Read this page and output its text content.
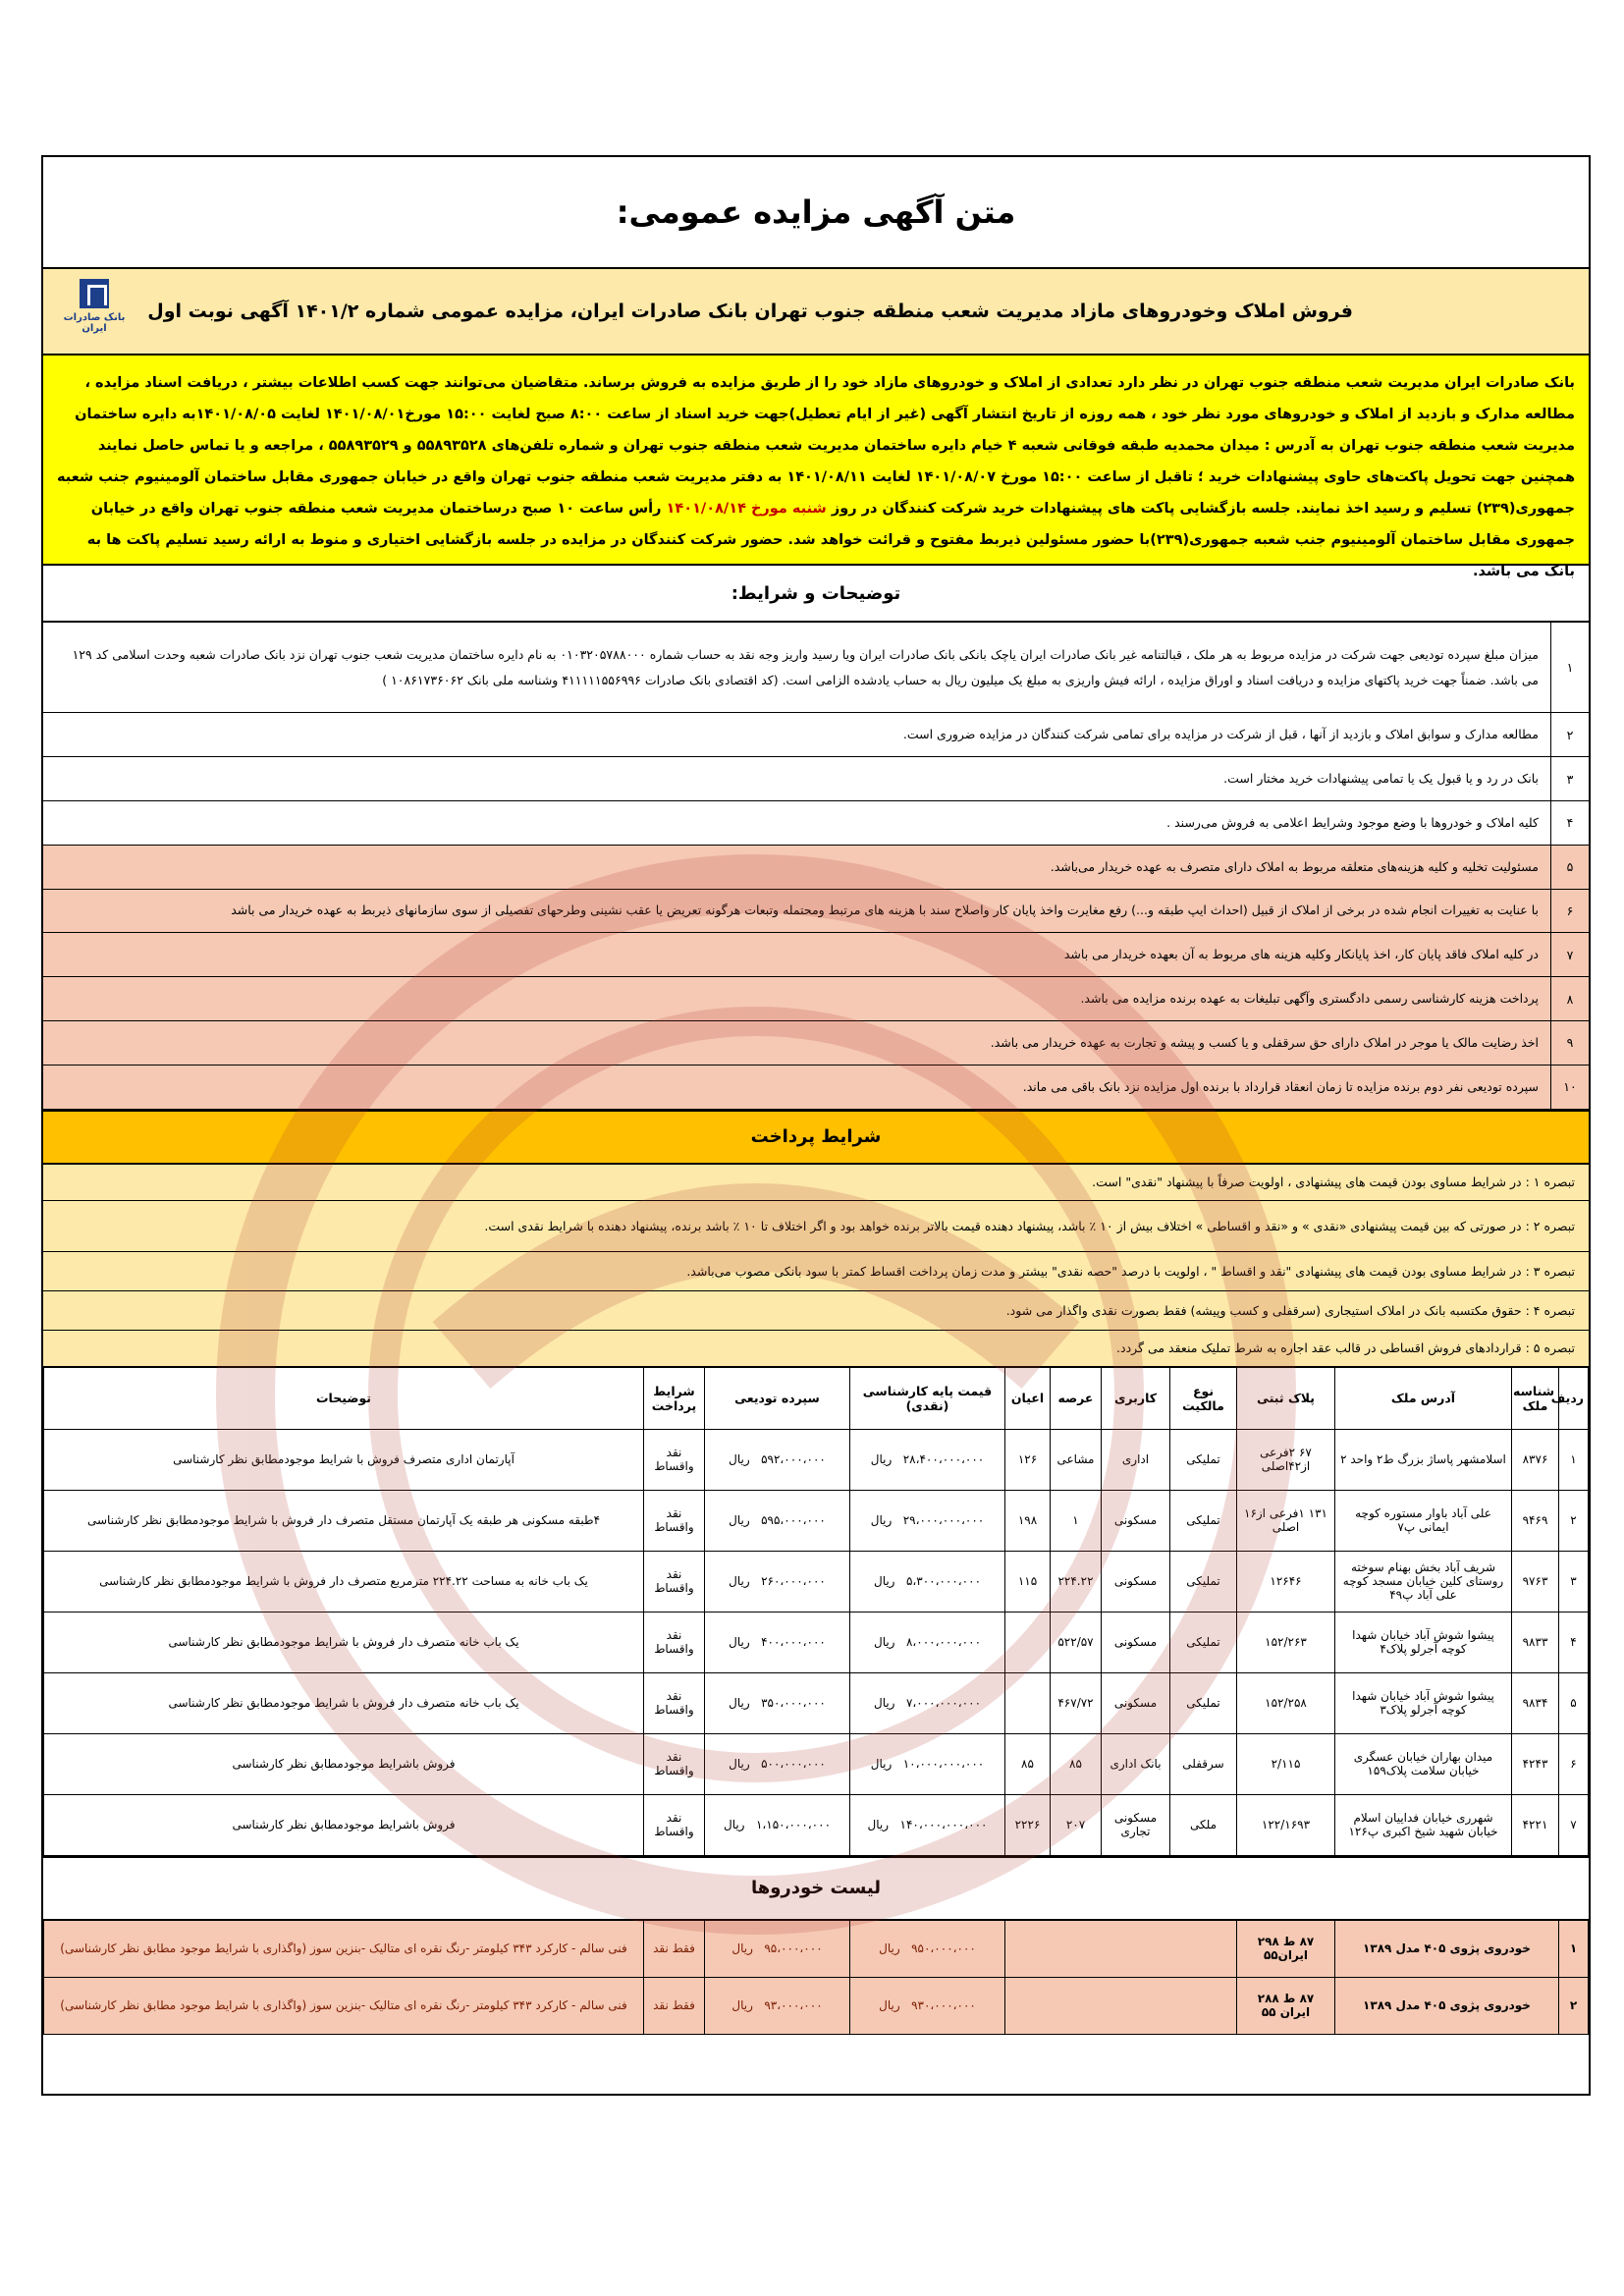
متن آگهی مزایده عمومی:
فروش املاک وخودروهای مازاد مدیریت شعب منطقه جنوب تهران بانک صادرات ایران، مزایده عمومی شماره ۱۴۰۱/۲ آگهی نوبت اول
بانک صادرات ایران
بانک صادرات ایران مدیریت شعب منطقه جنوب تهران در نظر دارد تعدادی از املاک و خودروهای مازاد خود را از طریق مزایده به فروش برساند. متقاضیان می‌توانند جهت کسب اطلاعات بیشتر ، دریافت اسناد مزایده ، مطالعه مدارک و بازدید از املاک و خودروهای مورد نظر خود ، همه روزه از تاریخ انتشار آگهی (غیر از ایام تعطیل)جهت خرید اسناد از ساعت ۸:۰۰ صبح لغایت ۱۵:۰۰ مورخ۱۴۰۱/۰۸/۰۱ لغایت ۱۴۰۱/۰۸/۰۵به دایره ساختمان مدیریت شعب منطقه جنوب تهران به آدرس : میدان محمدیه طبقه فوقانی شعبه ۴ خیام دایره ساختمان مدیریت شعب منطقه جنوب تهران و شماره تلفن‌های ۵۵۸۹۳۵۲۸ و ۵۵۸۹۳۵۲۹ ، مراجعه و یا تماس حاصل نمایند همچنین جهت تحویل پاکت‌های حاوی پیشنهادات خرید ؛ تاقبل از ساعت ۱۵:۰۰ مورخ ۱۴۰۱/۰۸/۰۷ لغایت ۱۴۰۱/۰۸/۱۱ به دفتر مدیریت شعب منطقه جنوب تهران واقع در خیابان جمهوری مقابل ساختمان آلومینیوم جنب شعبه جمهوری(۲۳۹) تسلیم و رسید اخذ نمایند. جلسه بازگشایی پاکت های پیشنهادات خرید شرکت کنندگان در روز شنبه مورخ ۱۴۰۱/۰۸/۱۴ رأس ساعت ۱۰ صبح درساختمان مدیریت شعب منطقه جنوب تهران واقع در خیابان جمهوری مقابل ساختمان آلومینیوم جنب شعبه جمهوری(۲۳۹)با حضور مسئولین ذیربط مفتوح و قرائت خواهد شد. حضور شرکت کنندگان در مزایده در جلسه بازگشایی اختیاری و منوط به ارائه رسید تسلیم پاکت ها به بانک می باشد.
توضیحات و شرایط:
۱
میزان مبلغ سپرده تودیعی جهت شرکت در مزایده مربوط به هر ملک ، قبالتنامه غیر بانک صادرات ایران یاچک بانکی بانک صادرات ایران ویا رسید واریز وجه نقد به حساب شماره ۰۱۰۳۲۰۵۷۸۸۰۰۰ به نام دایره ساختمان مدیریت شعب جنوب تهران نزد بانک صادرات شعبه وحدت اسلامی کد ۱۲۹ می باشد. ضمناً جهت خرید پاکتهای مزایده و دریافت اسناد و اوراق مزایده ، ارائه فیش واریزی به مبلغ یک میلیون ریال به حساب یادشده الزامی است. (کد اقتصادی بانک صادرات ۴۱۱۱۱۱۵۵۶۹۹۶ وشناسه ملی بانک ۱۰۸۶۱۷۳۶۰۶۲ )
۲
مطالعه مدارک و سوابق املاک و بازدید از آنها ، قبل از شرکت در مزایده برای تمامی شرکت کنندگان در مزایده ضروری است.
۳
بانک در رد و یا قبول یک یا تمامی پیشنهادات خرید مختار است.
۴
کلیه املاک و خودروها با وضع موجود وشرایط اعلامی به فروش می‌رسند .
۵
مسئولیت تخلیه و کلیه هزینه‌های متعلقه مربوط به املاک دارای متصرف به عهده خریدار می‌باشد.
۶
با عنایت به تغییرات انجام شده در برخی از املاک از قبیل (احداث ایپ طبقه و...) رفع مغایرت واخذ پایان کار واصلاح سند با هزینه های مرتبط ومحتمله وتبعات هرگونه تعریض یا عقب نشینی وطرحهای تفصیلی از سوی سازمانهای ذیربط به عهده خریدار می باشد
۷
در کلیه املاک فاقد پایان کار، اخذ پایانکار وکلیه هزینه های مربوط به آن بعهده خریدار می باشد
۸
پرداخت هزینه کارشناسی رسمی دادگستری وآگهی تبلیغات به عهده برنده مزایده می باشد.
۹
اخذ رضایت مالک یا موجر در املاک دارای حق سرقفلی و یا کسب و پیشه و تجارت به عهده خریدار می باشد.
۱۰
سپرده تودیعی نفر دوم برنده مزایده تا زمان انعقاد قرارداد با برنده اول مزایده نزد بانک باقی می ماند.
شرایط پرداخت
تبصره ۱ : در شرایط مساوی بودن قیمت های پیشنهادی ، اولویت صرفاً با پیشنهاد "نقدی" است.
تبصره ۲ : در صورتی که بین قیمت پیشنهادی «نقدی » و «نقد و اقساطی » اختلاف بیش از ۱۰ ٪ باشد، پیشنهاد دهنده قیمت بالاتر برنده خواهد بود و اگر اختلاف تا ۱۰ ٪ باشد برنده، پیشنهاد دهنده با شرایط نقدی است.
تبصره ۳ : در شرایط مساوی بودن قیمت های پیشنهادی "نقد و اقساط " ، اولویت با درصد "حصه نقدی" بیشتر و مدت زمان پرداخت اقساط کمتر با سود بانکی مصوب می‌باشد.
تبصره ۴ : حقوق مکتسبه بانک در املاک استیجاری (سرقفلی و کسب وپیشه) فقط بصورت نقدی واگذار می شود.
تبصره ۵ : قراردادهای فروش اقساطی در قالب عقد اجاره به شرط تملیک منعقد می گردد.
ردیف	شناسه ملک	آدرس ملک	پلاک ثبتی	نوع مالکیت	کاربری	عرصه	اعیان	قیمت پایه کارشناسی (نقدی)	سپرده تودیعی	شرایط پرداخت	توضیحات
۱	۸۳۷۶	اسلامشهر پاساژ بزرگ ط۲ واحد ۲	۶۷ ۲فرعی از۴۲اصلی	تملیکی	اداری	مشاعی	۱۲۶	۲۸،۴۰۰،۰۰۰،۰۰۰   ریال	۵۹۲،۰۰۰،۰۰۰   ریال	نقد واقساط	آپارتمان اداری متصرف فروش با شرایط موجودمطابق نظر کارشناسی
۲	۹۴۶۹	علی آباد باوار مستوره کوچه ایمانی پ۷	۱۳۱ ۱فرعی از۱۶ اصلی	تملیکی	مسکونی	۱	۱۹۸	۲۹،۰۰۰،۰۰۰،۰۰۰   ریال	۵۹۵،۰۰۰،۰۰۰   ریال	نقد واقساط	۴طبقه مسکونی هر طبقه یک آپارتمان مستقل متصرف دار فروش با شرایط موجودمطابق نظر کارشناسی
۳	۹۷۶۳	شریف آباد بخش بهنام سوخته روستای کلین خیابان مسجد کوچه علی آباد پ۴۹	۱۲۶۴۶	تملیکی	مسکونی	۲۲۴.۲۲	۱۱۵	۵،۳۰۰،۰۰۰،۰۰۰   ریال	۲۶۰،۰۰۰،۰۰۰   ریال	نقد واقساط	یک باب خانه به مساحت ۲۲۴.۲۲ مترمربع متصرف دار فروش با شرایط موجودمطابق نظر کارشناسی
۴	۹۸۳۳	پیشوا شوش آباد خیابان شهدا کوچه آجرلو پلاک۴	۱۵۲/۲۶۳	تملیکی	مسکونی	۵۲۲/۵۷		۸،۰۰۰،۰۰۰،۰۰۰   ریال	۴۰۰،۰۰۰،۰۰۰   ریال	نقد واقساط	یک باب خانه متصرف دار فروش با شرایط موجودمطابق نظر کارشناسی
۵	۹۸۳۴	پیشوا شوش آباد خیابان شهدا کوچه آجرلو پلاک۳	۱۵۲/۲۵۸	تملیکی	مسکونی	۴۶۷/۷۲		۷،۰۰۰،۰۰۰،۰۰۰   ریال	۳۵۰،۰۰۰،۰۰۰   ریال	نقد واقساط	یک باب خانه متصرف دار فروش با شرایط موجودمطابق نظر کارشناسی
۶	۴۲۴۳	میدان بهاران خیابان عسگری خیابان سلامت پلاک۱۵۹	۲/۱۱۵	سرقفلی	بانک اداری	۸۵	۸۵	۱۰،۰۰۰،۰۰۰،۰۰۰   ریال	۵۰۰،۰۰۰،۰۰۰   ریال	نقد واقساط	فروش باشرایط موجودمطابق نظر کارشناسی
۷	۴۲۲۱	شهرری خیابان فداییان اسلام خیابان شهید شیخ اکبری پ۱۲۶	۱۲۲/۱۶۹۳	ملکی	مسکونی تجاری	۲۰۷	۲۲۲۶	۱۴۰،۰۰۰،۰۰۰،۰۰۰   ریال	۱،۱۵۰،۰۰۰،۰۰۰   ریال	نقد واقساط	فروش باشرایط موجودمطابق نظر کارشناسی
لیست خودروها
۱	خودروی پژوی ۴۰۵ مدل ۱۳۸۹	۸۷ ط ۲۹۸ ایران۵۵		۹۵۰،۰۰۰،۰۰۰   ریال	۹۵،۰۰۰،۰۰۰   ریال	فقط نقد	فنی سالم - کارکرد ۳۴۳ کیلومتر -رنگ نقره ای متالیک -بنزین سوز (واگذاری با شرایط موجود مطابق نظر کارشناسی)
۲	خودروی پژوی ۴۰۵ مدل ۱۳۸۹	۸۷ ط ۲۸۸ ایران ۵۵		۹۳۰،۰۰۰،۰۰۰   ریال	۹۳،۰۰۰،۰۰۰   ریال	فقط نقد	فنی سالم - کارکرد ۳۴۳ کیلومتر -رنگ نقره ای متالیک -بنزین سوز (واگذاری با شرایط موجود مطابق نظر کارشناسی)
